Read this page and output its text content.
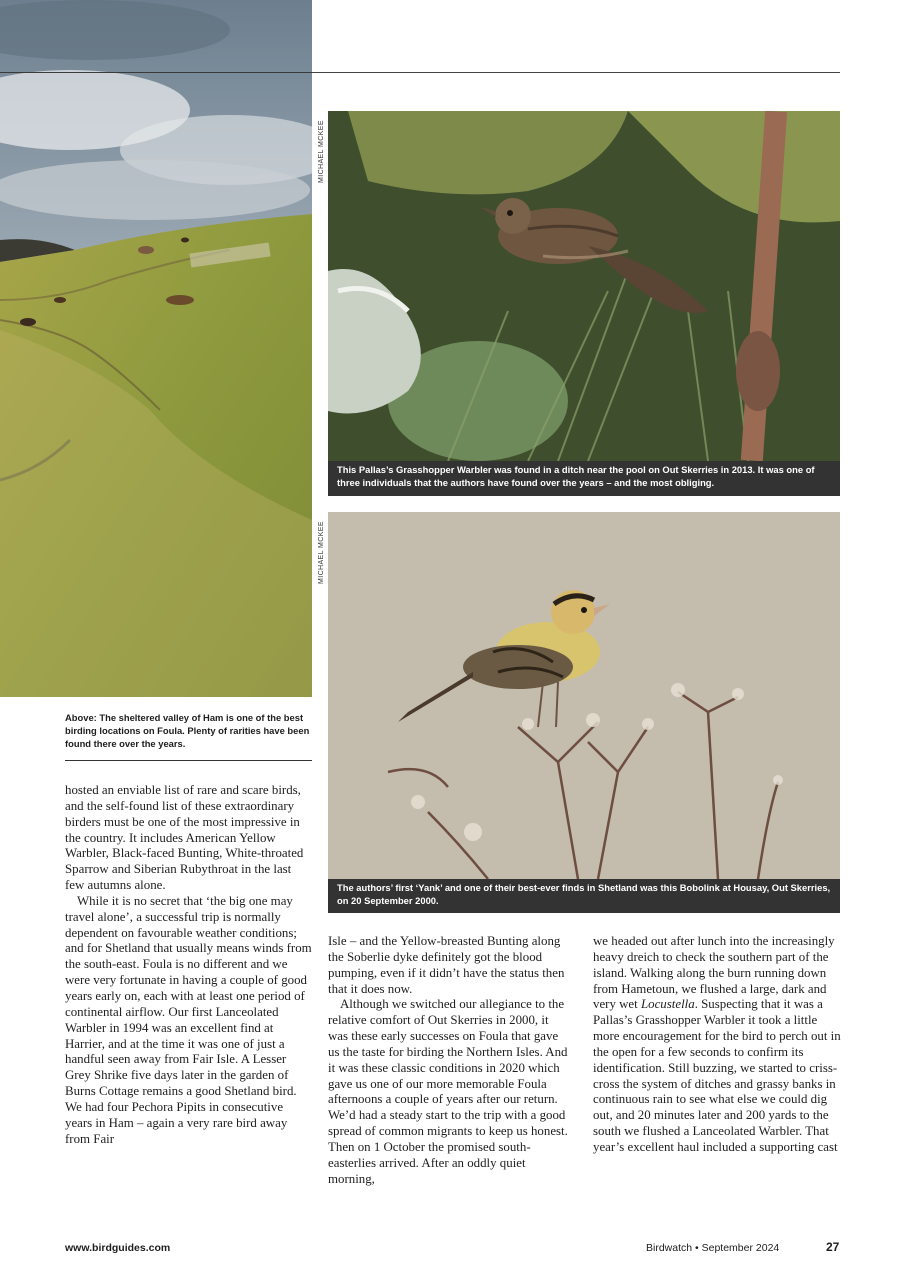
MICHAEL MCKEE
MICHAEL MCKEE
This Pallas’s Grasshopper Warbler was found in a ditch near the pool on Out Skerries in 2013. It was one of three individuals that the authors have found over the years – and the most obliging.
The authors’ first ‘Yank’ and one of their best-ever finds in Shetland was this Bobolink at Housay, Out Skerries, on 20 September 2000.
Above: The sheltered valley of Ham is one of the best birding locations on Foula. Plenty of rarities have been found there over the years.

hosted an enviable list of rare and scare birds, and the self-found list of these extraordinary birders must be one of the most impressive in the country. It includes American Yellow Warbler, Black-faced Bunting, White-throated Sparrow and Siberian Rubythroat in the last few autumns alone.

While it is no secret that ‘the big one may travel alone’, a successful trip is normally dependent on favourable weather conditions; and for Shetland that usually means winds from the south-east. Foula is no different and we were very fortunate in having a couple of good years early on, each with at least one period of continental airflow. Our first Lanceolated Warbler in 1994 was an excellent find at Harrier, and at the time it was one of just a handful seen away from Fair Isle. A Lesser Grey Shrike five days later in the garden of Burns Cottage remains a good Shetland bird. We had four Pechora Pipits in consecutive years in Ham – again a very rare bird away from Fair

Isle – and the Yellow-breasted Bunting along the Soberlie dyke definitely got the blood pumping, even if it didn’t have the status then that it does now.

Although we switched our allegiance to the relative comfort of Out Skerries in 2000, it was these early successes on Foula that gave us the taste for birding the Northern Isles. And it was these classic conditions in 2020 which gave us one of our more memorable Foula afternoons a couple of years after our return. We’d had a steady start to the trip with a good spread of common migrants to keep us honest. Then on 1 October the promised south-easterlies arrived. After an oddly quiet morning,

we headed out after lunch into the increasingly heavy dreich to check the southern part of the island. Walking along the burn running down from Hametoun, we flushed a large, dark and very wet Locustella. Suspecting that it was a Pallas’s Grasshopper Warbler it took a little more encouragement for the bird to perch out in the open for a few seconds to confirm its identification. Still buzzing, we started to criss-cross the system of ditches and grassy banks in continuous rain to see what else we could dig out, and 20 minutes later and 200 yards to the south we flushed a Lanceolated Warbler. That year’s excellent haul included a supporting cast

www.birdguides.com	Birdwatch • September 2024	27
